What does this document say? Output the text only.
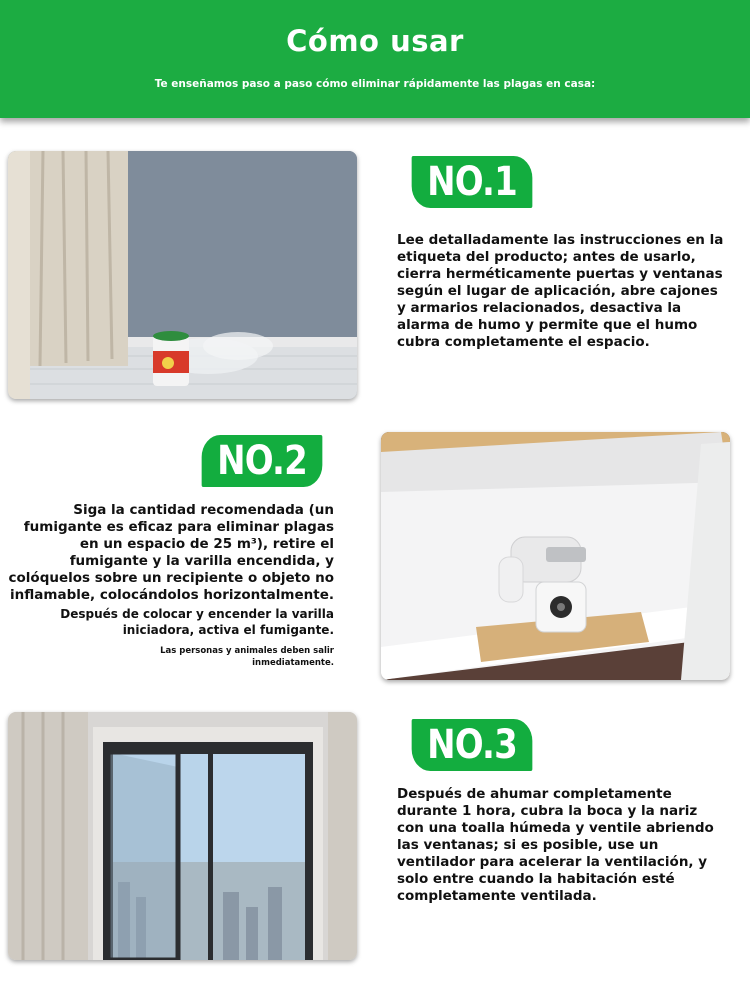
Cómo usar
Te enseñamos paso a paso cómo eliminar rápidamente las plagas en casa:
NO.1
Lee detalladamente las instrucciones en la etiqueta del producto; antes de usarlo, cierra herméticamente puertas y ventanas según el lugar de aplicación, abre cajones y armarios relacionados, desactiva la alarma de humo y permite que el humo cubra completamente el espacio.
NO.2
Siga la cantidad recomendada (un fumigante es eficaz para eliminar plagas en un espacio de 25 m³), retire el fumigante y la varilla encendida, y colóquelos sobre un recipiente o objeto no inflamable, colocándolos horizontalmente.
Después de colocar y encender la varilla iniciadora, activa el fumigante.
Las personas y animales deben salir inmediatamente.
NO.3
Después de ahumar completamente durante 1 hora, cubra la boca y la nariz con una toalla húmeda y ventile abriendo las ventanas; si es posible, use un ventilador para acelerar la ventilación, y solo entre cuando la habitación esté completamente ventilada.
